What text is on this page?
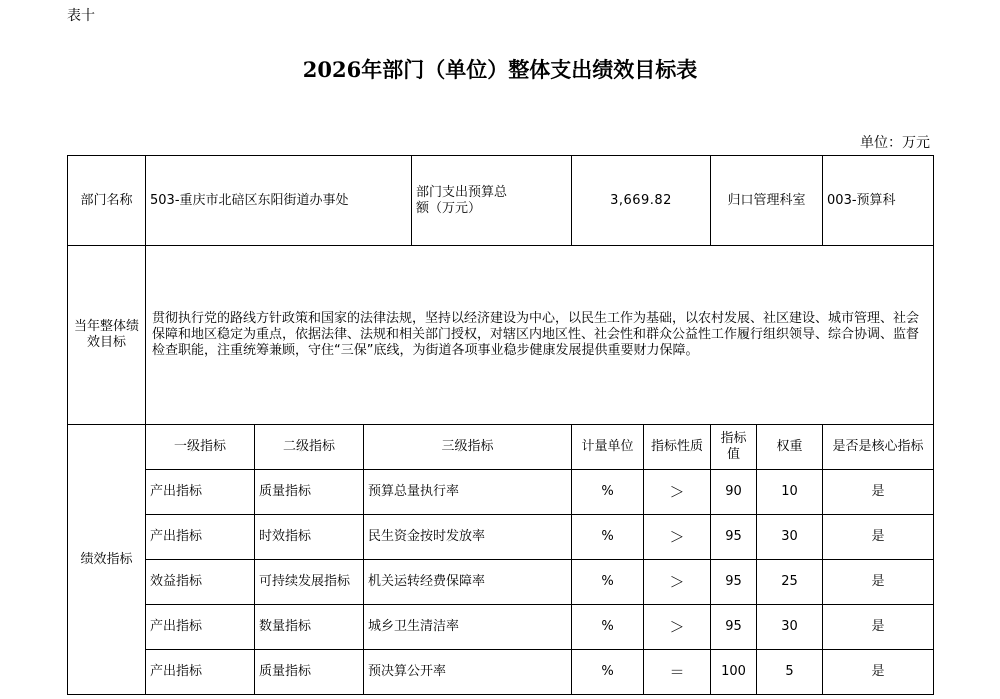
表十
2026年部门（单位）整体支出绩效目标表
单位：万元
部门名称	503-重庆市北碚区东阳街道办事处			部门支出预算总额（万元）	3,669.82		归口管理科室		003-预算科
当年整体绩效目标	贯彻执行党的路线方针政策和国家的法律法规，坚持以经济建设为中心，以民生工作为基础，以农村发展、社区建设、城市管理、社会保障和地区稳定为重点，依据法律、法规和相关部门授权，对辖区内地区性、社会性和群众公益性工作履行组织领导、综合协调、监督检查职能，注重统筹兼顾，守住“三保”底线，为街道各项事业稳步健康发展提供重要财力保障。								
绩效指标	一级指标	二级指标	三级指标		计量单位	指标性质	指标值	权重	是否是核心指标
	产出指标	质量指标	预算总量执行率		%	＞	90	10	是
	产出指标	时效指标	民生资金按时发放率		%	＞	95	30	是
	效益指标	可持续发展指标	机关运转经费保障率		%	＞	95	25	是
	产出指标	数量指标	城乡卫生清洁率		%	＞	95	30	是
	产出指标	质量指标	预决算公开率		%	＝	100	5	是
